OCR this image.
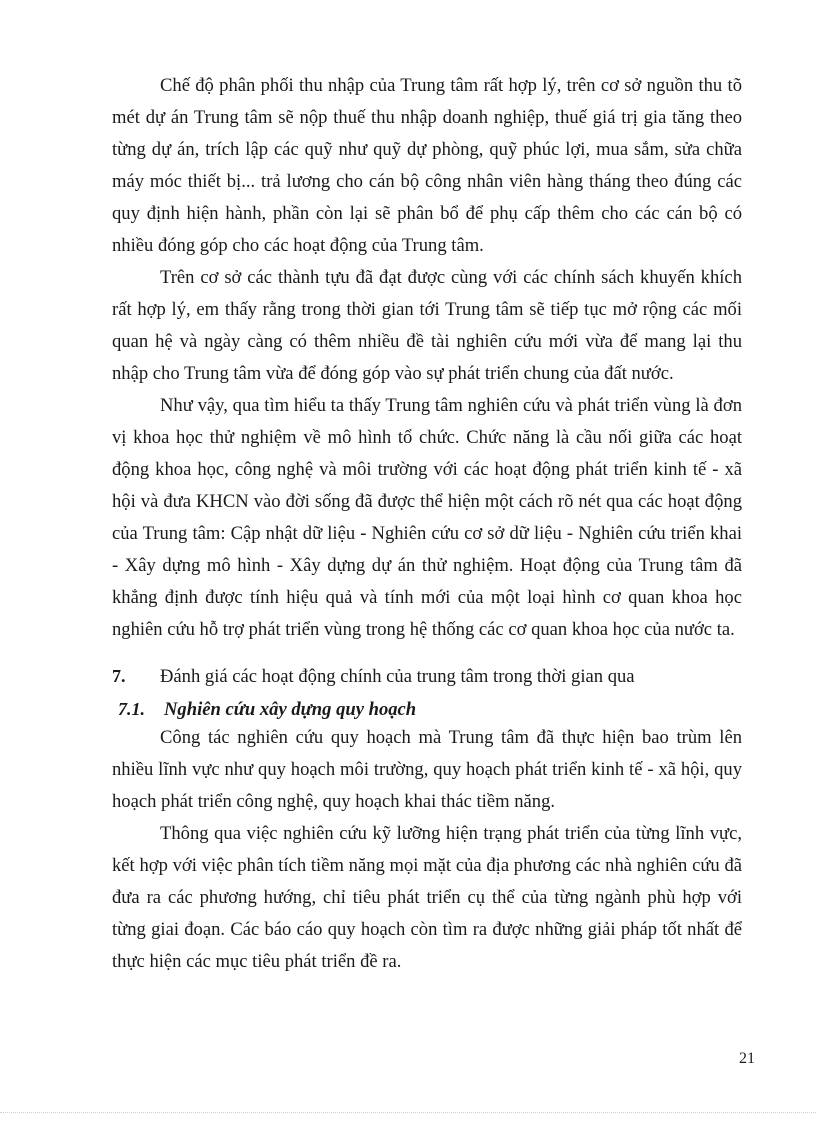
Chế độ phân phối thu nhập của Trung tâm rất hợp lý, trên cơ sở nguồn thu tõ mét dự án Trung tâm sẽ nộp thuế thu nhập doanh nghiệp, thuế giá trị gia tăng theo từng dự án, trích lập các quỹ như quỹ dự phòng, quỹ phúc lợi, mua sắm, sửa chữa máy móc thiết bị... trả lương cho cán bộ công nhân viên hàng tháng theo đúng các quy định hiện hành, phần còn lại sẽ phân bổ để phụ cấp thêm cho các cán bộ có nhiều đóng góp cho các hoạt động của Trung tâm.

Trên cơ sở các thành tựu đã đạt được cùng với các chính sách khuyến khích rất hợp lý, em thấy rằng trong thời gian tới Trung tâm sẽ tiếp tục mở rộng các mối quan hệ và ngày càng có thêm nhiều đề tài nghiên cứu mới vừa để mang lại thu nhập cho Trung tâm vừa để đóng góp vào sự phát triển chung của đất nước.

Như vậy, qua tìm hiểu ta thấy Trung tâm nghiên cứu và phát triển vùng là đơn vị khoa học thử nghiệm về mô hình tổ chức. Chức năng là cầu nối giữa các hoạt động khoa học, công nghệ và môi trường với các hoạt động phát triển kinh tế - xã hội và đưa KHCN vào đời sống đã được thể hiện một cách rõ nét qua các hoạt động của Trung tâm: Cập nhật dữ liệu - Nghiên cứu cơ sở dữ liệu - Nghiên cứu triển khai - Xây dựng mô hình - Xây dựng dự án thử nghiệm. Hoạt động của Trung tâm đã khẳng định được tính hiệu quả và tính mới của một loại hình cơ quan khoa học nghiên cứu hỗ trợ phát triển vùng trong hệ thống các cơ quan khoa học của nước ta.

7.	Đánh giá các hoạt động chính của trung tâm trong thời gian qua
7.1.	Nghiên cứu xây dựng quy hoạch

Công tác nghiên cứu quy hoạch mà Trung tâm đã thực hiện bao trùm lên nhiều lĩnh vực như quy hoạch môi trường, quy hoạch phát triển kinh tế - xã hội, quy hoạch phát triển công nghệ, quy hoạch khai thác tiềm năng.

Thông qua việc nghiên cứu kỹ lưỡng hiện trạng phát triển của từng lĩnh vực, kết hợp với việc phân tích tiềm năng mọi mặt của địa phương các nhà nghiên cứu đã đưa ra các phương hướng, chỉ tiêu phát triển cụ thể của từng ngành phù hợp với từng giai đoạn. Các báo cáo quy hoạch còn tìm ra được những giải pháp tốt nhất để thực hiện các mục tiêu phát triển đề ra.

21
